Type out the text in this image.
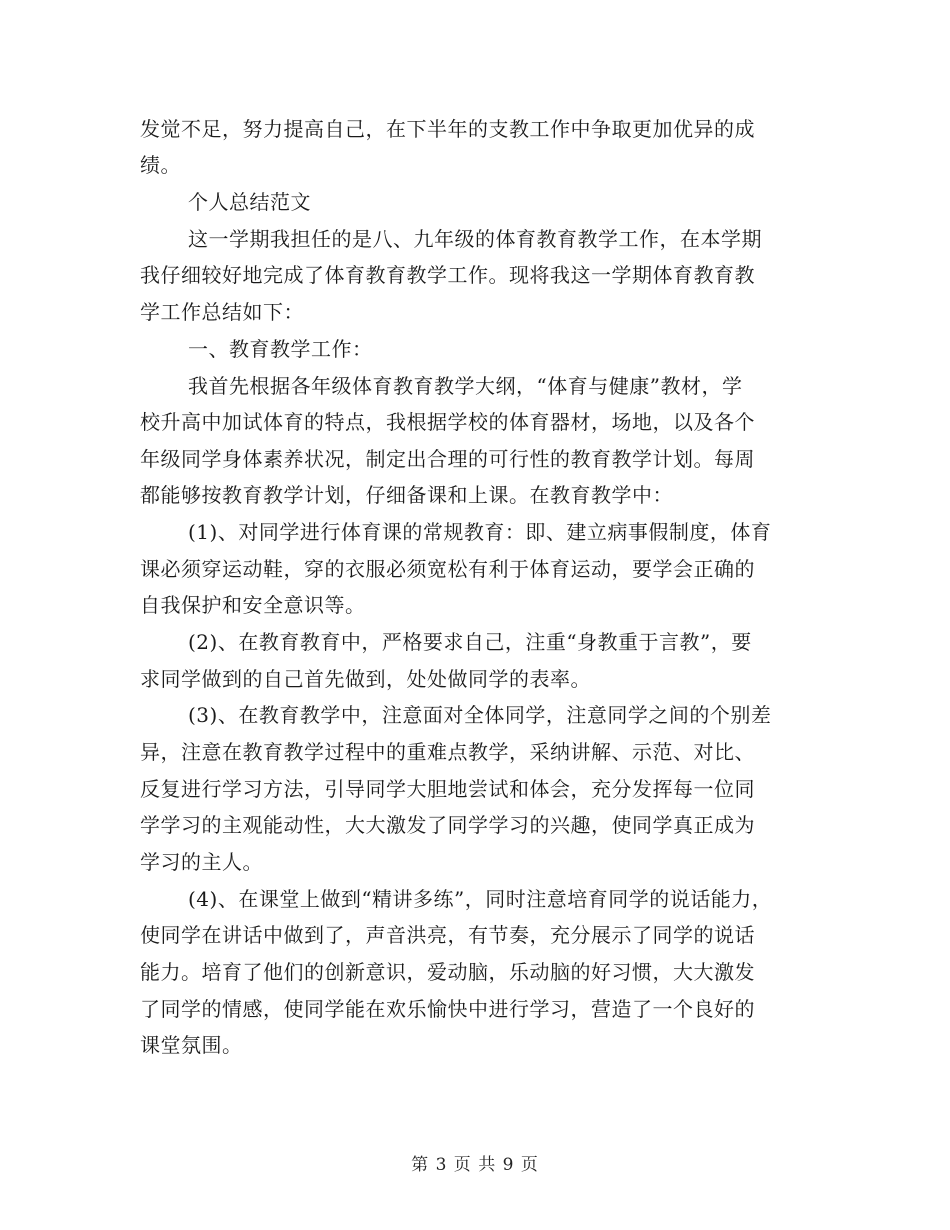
发觉不足，努力提高自己，在下半年的支教工作中争取更加优异的成
绩。
个人总结范文
这一学期我担任的是八、九年级的体育教育教学工作，在本学期
我仔细较好地完成了体育教育教学工作。现将我这一学期体育教育教
学工作总结如下：
一、教育教学工作：
我首先根据各年级体育教育教学大纲，“体育与健康”教材，学
校升高中加试体育的特点，我根据学校的体育器材，场地，以及各个
年级同学身体素养状况，制定出合理的可行性的教育教学计划。每周
都能够按教育教学计划，仔细备课和上课。在教育教学中：
(1)、对同学进行体育课的常规教育：即、建立病事假制度，体育
课必须穿运动鞋，穿的衣服必须宽松有利于体育运动，要学会正确的
自我保护和安全意识等。
(2)、在教育教育中，严格要求自己，注重“身教重于言教”，要
求同学做到的自己首先做到，处处做同学的表率。
(3)、在教育教学中，注意面对全体同学，注意同学之间的个别差
异，注意在教育教学过程中的重难点教学，采纳讲解、示范、对比、
反复进行学习方法，引导同学大胆地尝试和体会，充分发挥每一位同
学学习的主观能动性，大大激发了同学学习的兴趣，使同学真正成为
学习的主人。
(4)、在课堂上做到“精讲多练”，同时注意培育同学的说话能力，
使同学在讲话中做到了，声音洪亮，有节奏，充分展示了同学的说话
能力。培育了他们的创新意识，爱动脑，乐动脑的好习惯，大大激发
了同学的情感，使同学能在欢乐愉快中进行学习，营造了一个良好的
课堂氛围。
第 3 页 共 9 页
